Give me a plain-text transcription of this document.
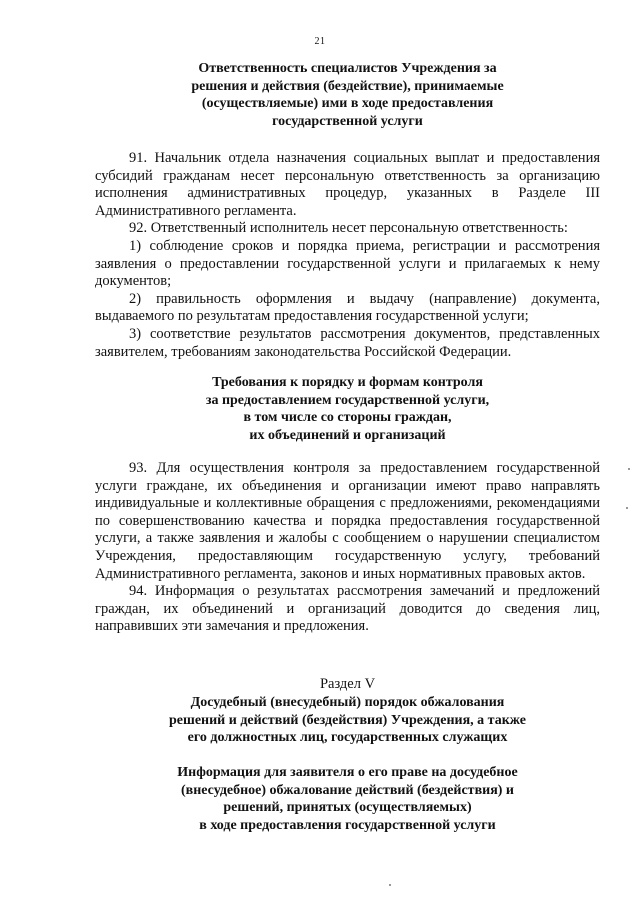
21
Ответственность специалистов Учреждения за
решения и действия (бездействие), принимаемые
(осуществляемые) ими в ходе предоставления
государственной услуги

91. Начальник отдела назначения социальных выплат и предоставления субсидий гражданам несет персональную ответственность за организацию исполнения административных процедур, указанных в Разделе III Административного регламента.

92. Ответственный исполнитель несет персональную ответственность:

1) соблюдение сроков и порядка приема, регистрации и рассмотрения заявления о предоставлении государственной услуги и прилагаемых к нему документов;

2) правильность оформления и выдачу (направление) документа, выдаваемого по результатам предоставления государственной услуги;

3) соответствие результатов рассмотрения документов, представленных заявителем, требованиям законодательства Российской Федерации.

Требования к порядку и формам контроля
за предоставлением государственной услуги,
в том числе со стороны граждан,
их объединений и организаций

93. Для осуществления контроля за предоставлением государственной услуги граждане, их объединения и организации имеют право направлять индивидуальные и коллективные обращения с предложениями, рекомендациями по совершенствованию качества и порядка предоставления государственной услуги, а также заявления и жалобы с сообщением о нарушении специалистом Учреждения, предоставляющим государственную услугу, требований Административного регламента, законов и иных нормативных правовых актов.

94. Информация о результатах рассмотрения замечаний и предложений граждан, их объединений и организаций доводится до сведения лиц, направивших эти замечания и предложения.

Раздел V
Досудебный (внесудебный) порядок обжалования
решений и действий (бездействия) Учреждения, а также
его должностных лиц, государственных служащих
Информация для заявителя о его праве на досудебное
(внесудебное) обжалование действий (бездействия) и
решений, принятых (осуществляемых)
в ходе предоставления государственной услуги
